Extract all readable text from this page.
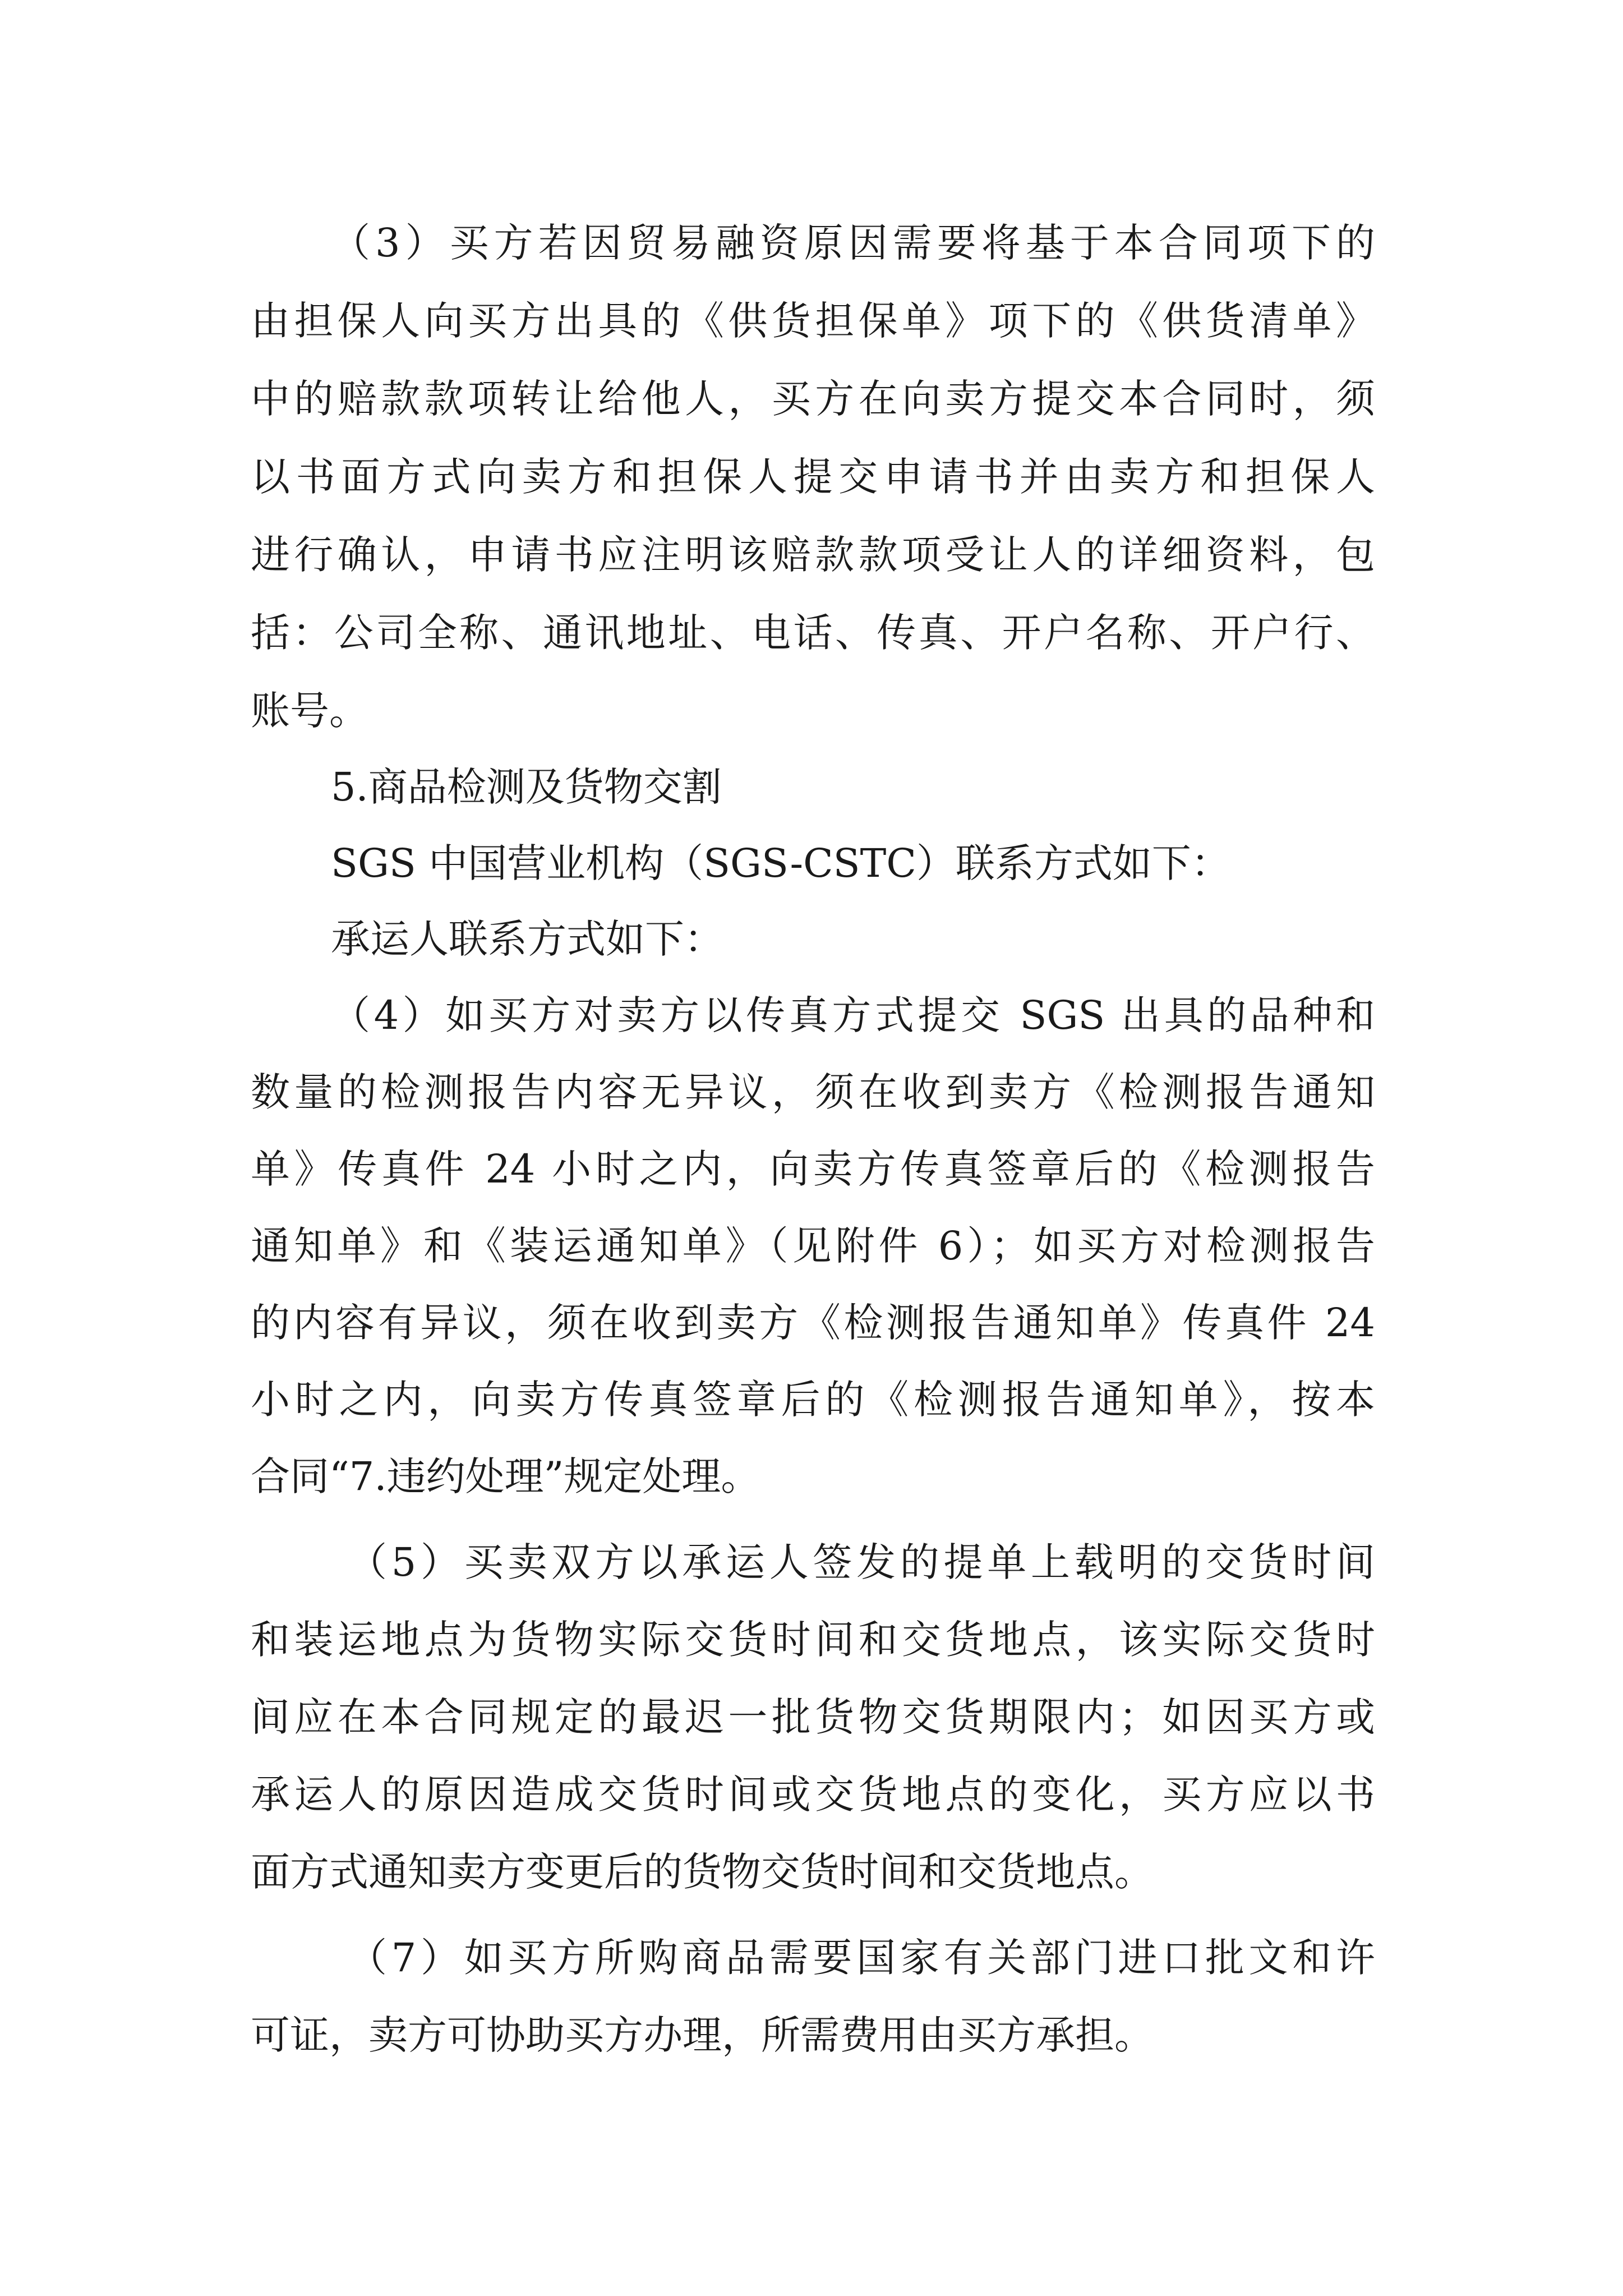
（3）买方若因贸易融资原因需要将基于本合同项下的

由担保人向买方出具的《供货担保单》项下的《供货清单》

中的赔款款项转让给他人，买方在向卖方提交本合同时，须

以书面方式向卖方和担保人提交申请书并由卖方和担保人

进行确认，申请书应注明该赔款款项受让人的详细资料，包

括：公司全称、通讯地址、电话、传真、开户名称、开户行、

账号。

5.商品检测及货物交割

SGS 中国营业机构（SGS-CSTC）联系方式如下：

承运人联系方式如下：

（4）如买方对卖方以传真方式提交 SGS 出具的品种和

数量的检测报告内容无异议，须在收到卖方《检测报告通知

单》传真件 24 小时之内，向卖方传真签章后的《检测报告

通知单》和《装运通知单》（见附件 6）；如买方对检测报告

的内容有异议，须在收到卖方《检测报告通知单》传真件 24

小时之内，向卖方传真签章后的《检测报告通知单》，按本

合同“7.违约处理”规定处理。

（5）买卖双方以承运人签发的提单上载明的交货时间

和装运地点为货物实际交货时间和交货地点，该实际交货时

间应在本合同规定的最迟一批货物交货期限内；如因买方或

承运人的原因造成交货时间或交货地点的变化，买方应以书

面方式通知卖方变更后的货物交货时间和交货地点。

（7）如买方所购商品需要国家有关部门进口批文和许

可证，卖方可协助买方办理，所需费用由买方承担。
